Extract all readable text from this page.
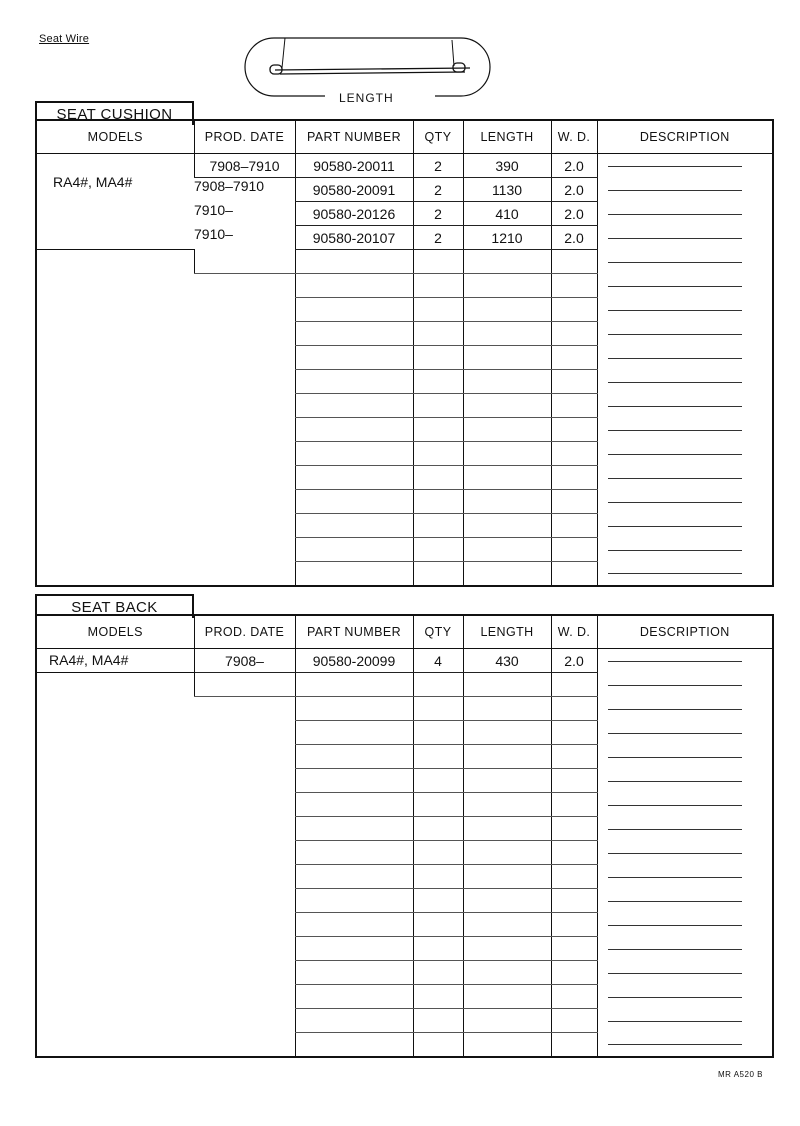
Seat Wire
LENGTH
SEAT CUSHION
MODELS	PROD. DATE	PART NUMBER	QTY	LENGTH	W. D.	DESCRIPTION

RA4#, MA4#	7908–7910	90580-20011	2	390	2.0	

	7908–7910	90580-20091	2	1130	2.0	

	7910–	90580-20126	2	410	2.0	

	7910–	90580-20107	2	1210	2.0	

SEAT BACK
MODELS	PROD. DATE	PART NUMBER	QTY	LENGTH	W. D.	DESCRIPTION

RA4#, MA4#	7908–	90580-20099	4	430	2.0	

MR A520 B
